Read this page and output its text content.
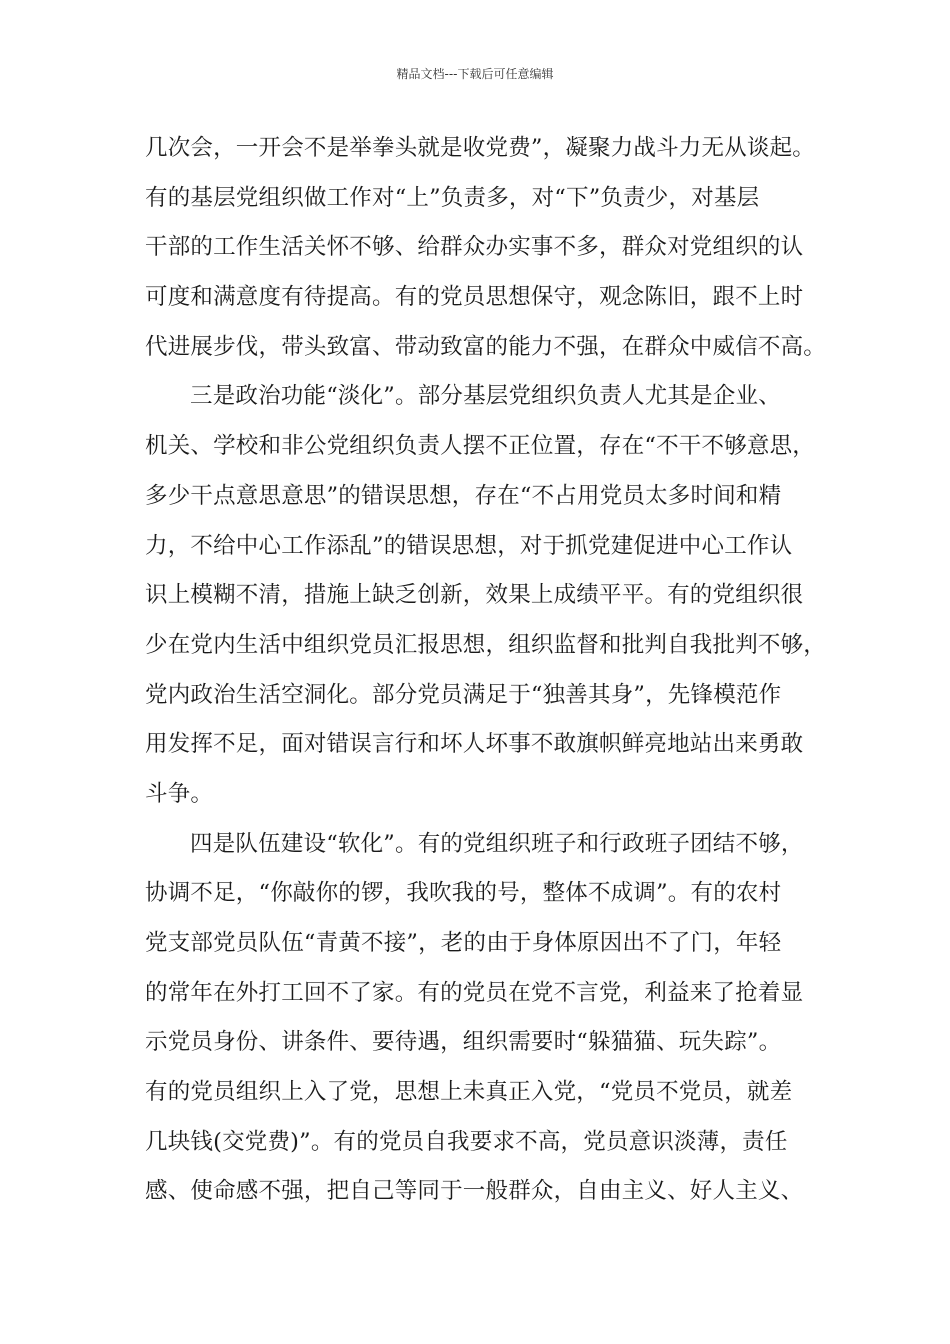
精品文档---下载后可任意编辑
几次会，一开会不是举拳头就是收党费”，凝聚力战斗力无从谈起。
有的基层党组织做工作对“上”负责多，对“下”负责少，对基层
干部的工作生活关怀不够、给群众办实事不多，群众对党组织的认
可度和满意度有待提高。有的党员思想保守，观念陈旧，跟不上时
代进展步伐，带头致富、带动致富的能力不强，在群众中威信不高。
三是政治功能“淡化”。部分基层党组织负责人尤其是企业、
机关、学校和非公党组织负责人摆不正位置，存在“不干不够意思，
多少干点意思意思”的错误思想，存在“不占用党员太多时间和精
力，不给中心工作添乱”的错误思想，对于抓党建促进中心工作认
识上模糊不清，措施上缺乏创新，效果上成绩平平。有的党组织很
少在党内生活中组织党员汇报思想，组织监督和批判自我批判不够，
党内政治生活空洞化。部分党员满足于“独善其身”，先锋模范作
用发挥不足，面对错误言行和坏人坏事不敢旗帜鲜亮地站出来勇敢
斗争。
四是队伍建设“软化”。有的党组织班子和行政班子团结不够，
协调不足，“你敲你的锣，我吹我的号，整体不成调”。有的农村
党支部党员队伍“青黄不接”，老的由于身体原因出不了门，年轻
的常年在外打工回不了家。有的党员在党不言党，利益来了抢着显
示党员身份、讲条件、要待遇，组织需要时“躲猫猫、玩失踪”。
有的党员组织上入了党，思想上未真正入党，“党员不党员，就差
几块钱(交党费)”。有的党员自我要求不高，党员意识淡薄，责任
感、使命感不强，把自己等同于一般群众，自由主义、好人主义、
